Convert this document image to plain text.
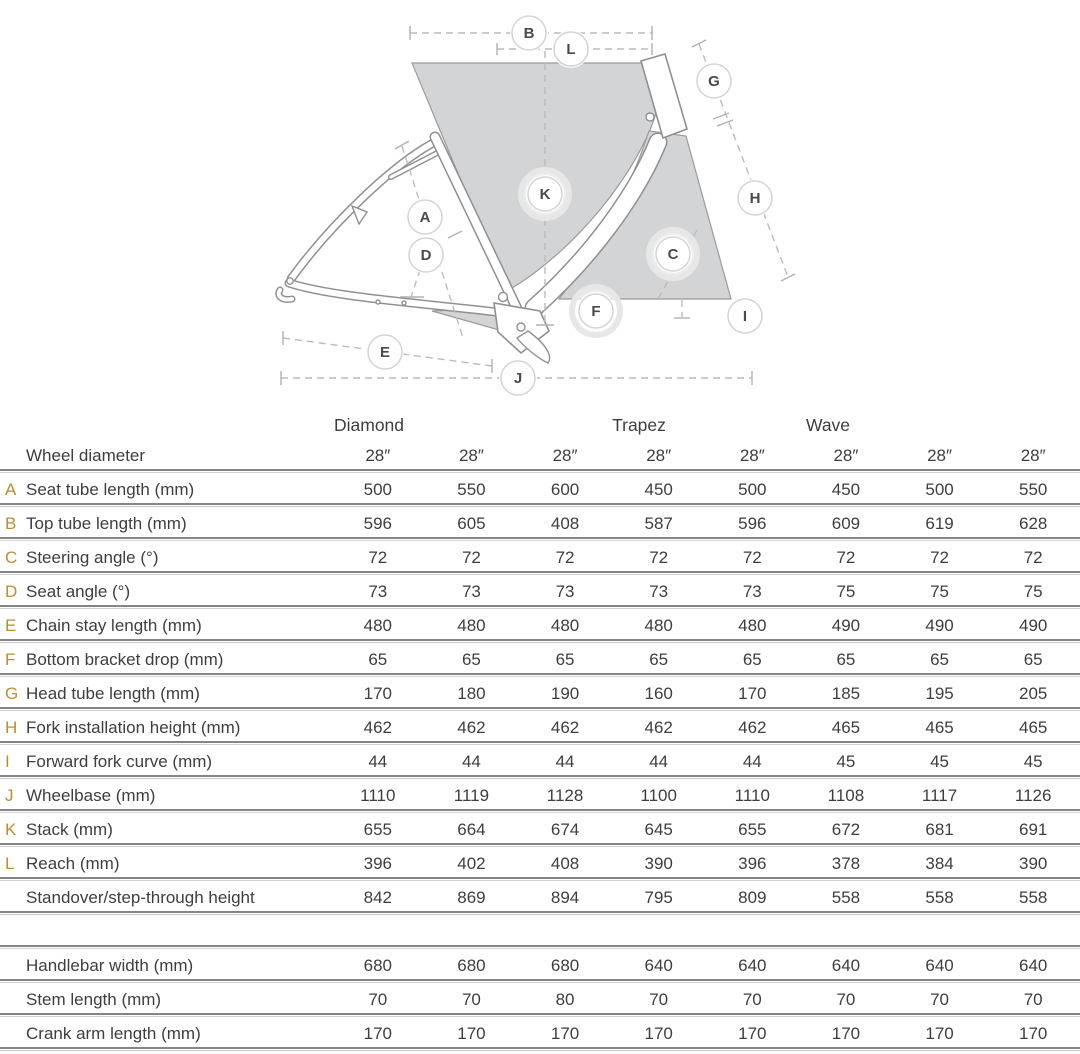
B
L
G
K	H
A
C
D
F	I
E
J
Diamond	Trapez	Wave
Wheel diameter	28″	28″	28″	28″	28″	28″	28″	28″
A Seat tube length (mm)	500	550	600	450	500	450	500	550
B Top tube length (mm)	596	605	408	587	596	609	619	628
C Steering angle (°)	72	72	72	72	72	72	72	72
D Seat angle (°)	73	73	73	73	73	75	75	75
E Chain stay length (mm)	480	480	480	480	480	490	490	490
F Bottom bracket drop (mm)	65	65	65	65	65	65	65	65
G Head tube length (mm)	170	180	190	160	170	185	195	205
H Fork installation height (mm)	462	462	462	462	462	465	465	465
I Forward fork curve (mm)	44	44	44	44	44	45	45	45
J Wheelbase (mm)	1110	1119	1128	1100	1110	1108	1117	1126
K Stack (mm)	655	664	674	645	655	672	681	691
L Reach (mm)	396	402	408	390	396	378	384	390
Standover/step-through height	842	869	894	795	809	558	558	558
Handlebar width (mm)	680	680	680	640	640	640	640	640
Stem length (mm)	70	70	80	70	70	70	70	70
Crank arm length (mm)	170	170	170	170	170	170	170	170
